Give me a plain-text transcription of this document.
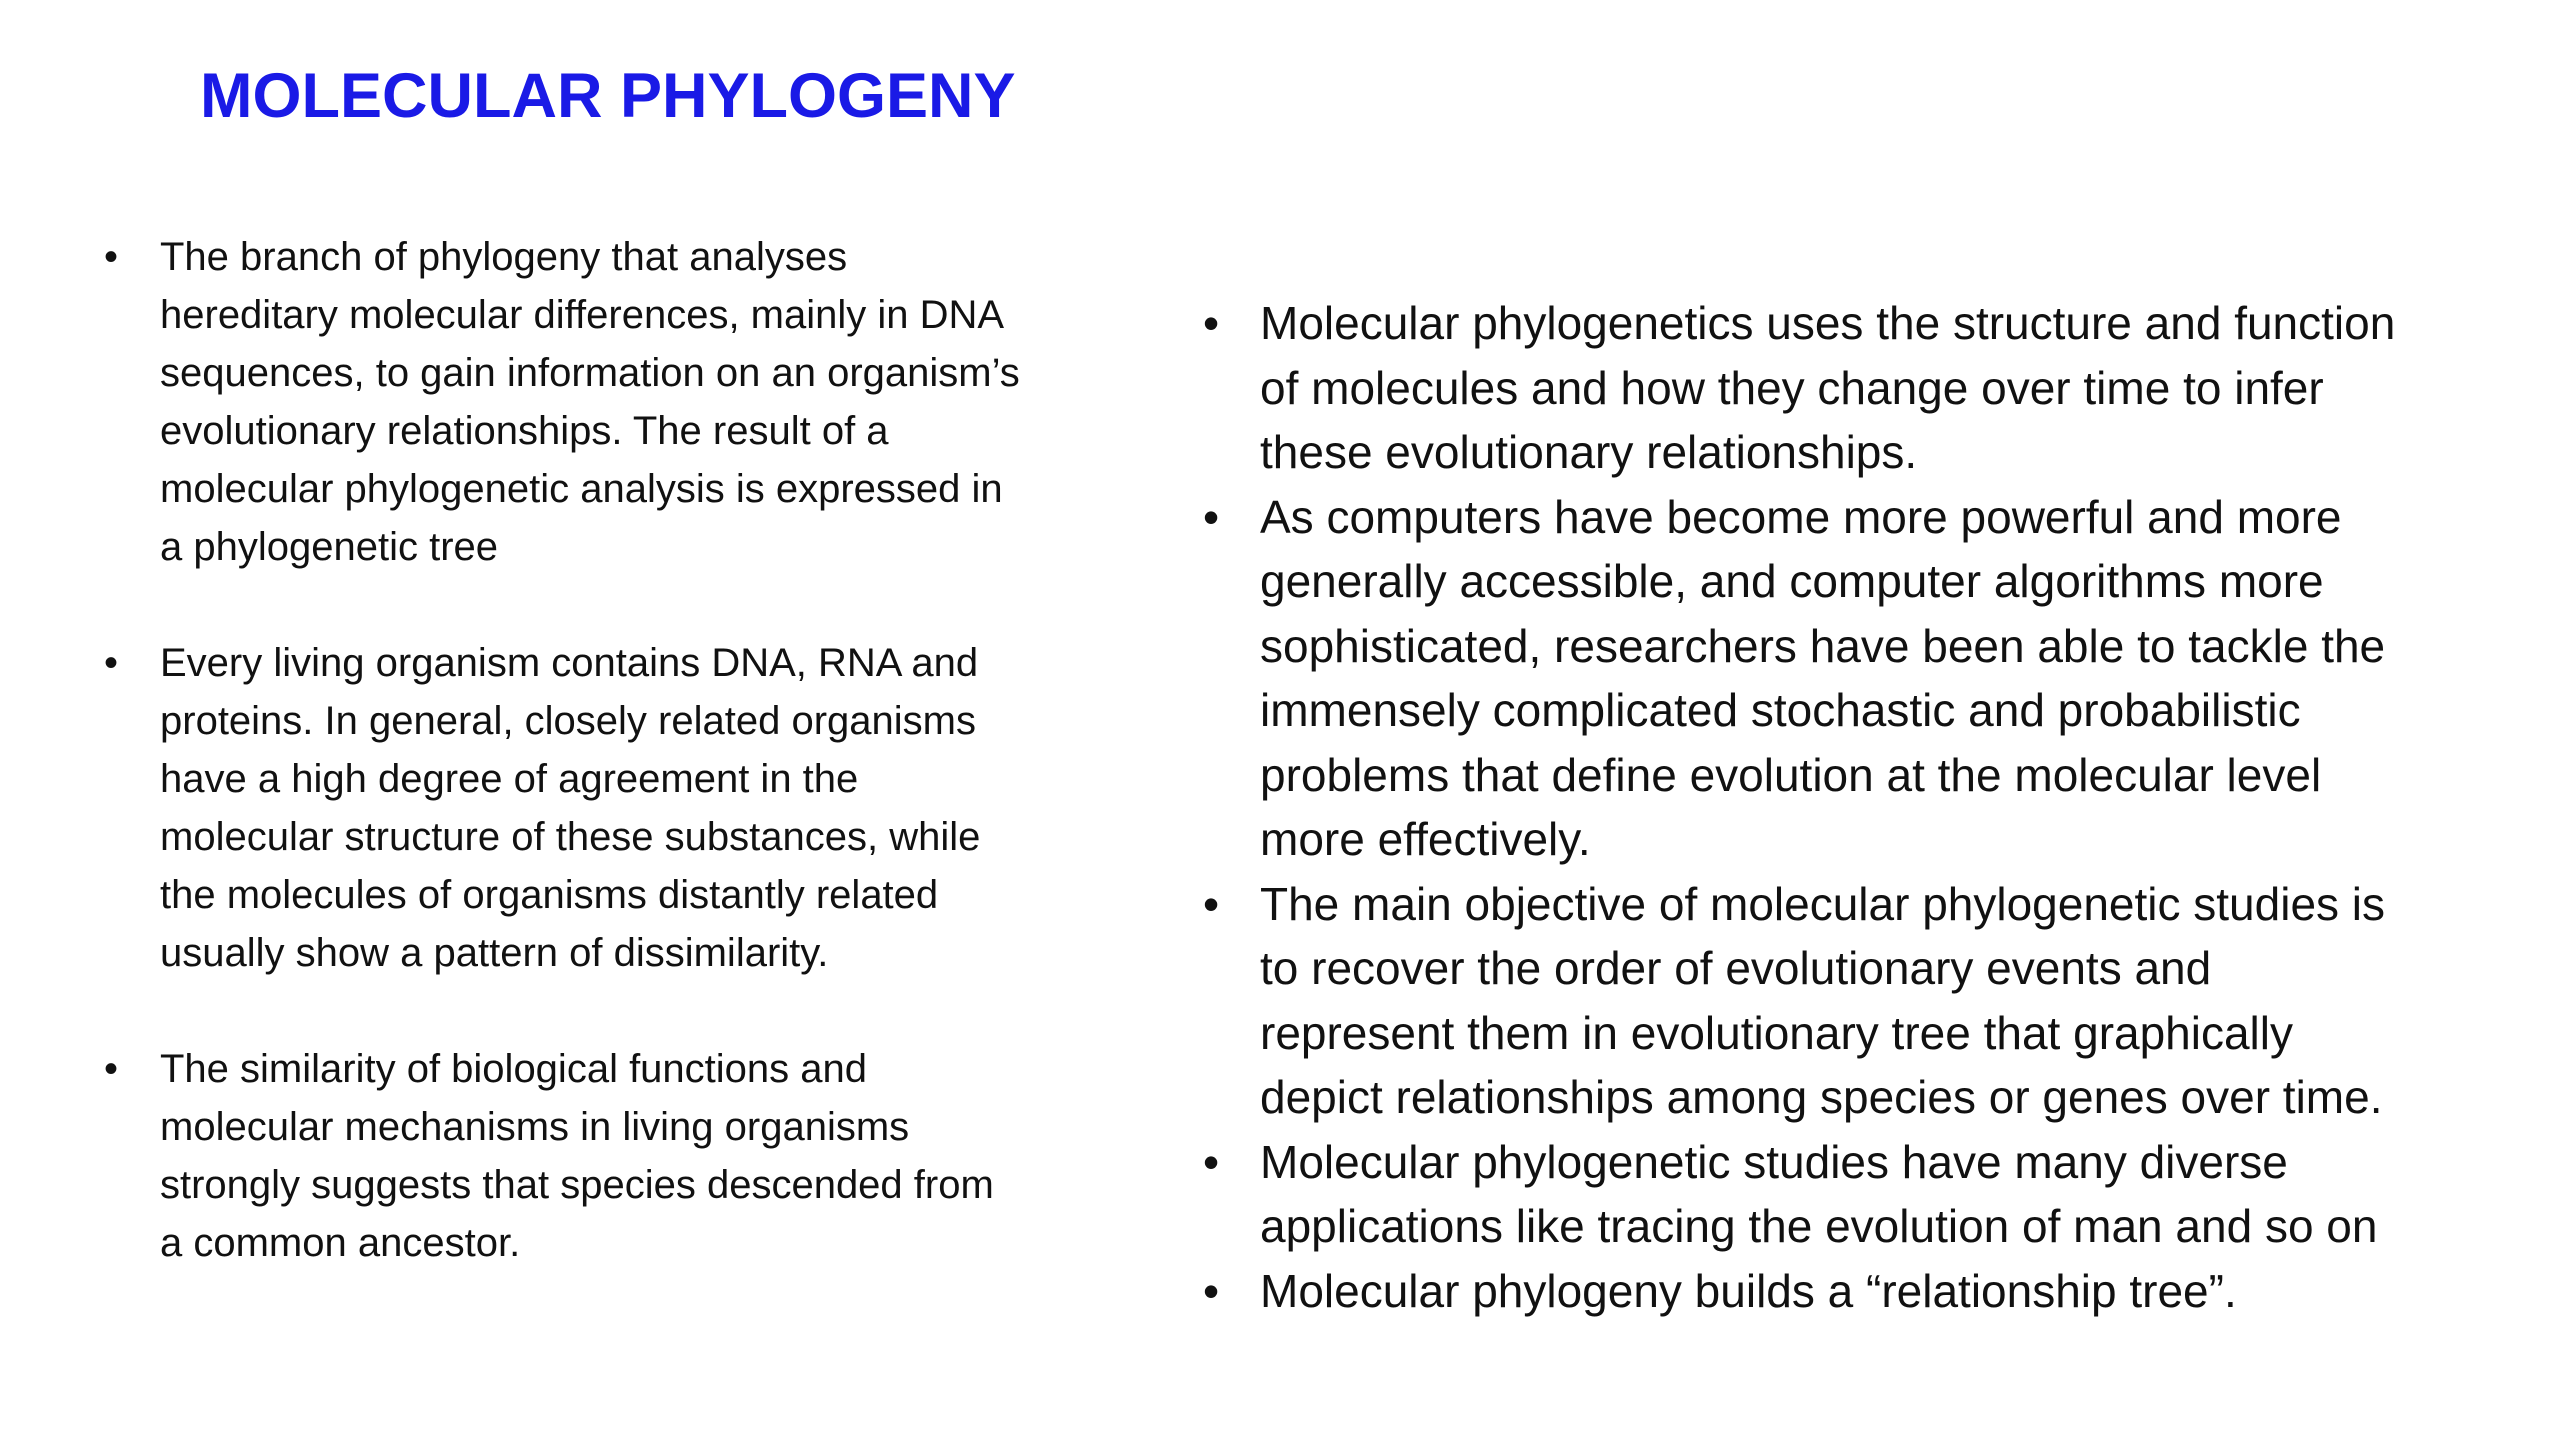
MOLECULAR PHYLOGENY
• The branch of phylogeny that analyses hereditary molecular differences, mainly in DNA sequences, to gain information on an organism’s evolutionary relationships. The result of a molecular phylogenetic analysis is expressed in a phylogenetic tree
• Every living organism contains DNA, RNA and proteins. In general, closely related organisms have a high degree of agreement in the molecular structure of these substances, while the molecules of organisms distantly related usually show a pattern of dissimilarity.
• The similarity of biological functions and molecular mechanisms in living organisms strongly suggests that species descended from a common ancestor.
• Molecular phylogenetics uses the structure and function of molecules and how they change over time to infer these evolutionary relationships.
• As computers have become more powerful and more generally accessible, and computer algorithms more sophisticated, researchers have been able to tackle the immensely complicated stochastic and probabilistic problems that define evolution at the molecular level more effectively.
• The main objective of molecular phylogenetic studies is to recover the order of evolutionary events and represent them in evolutionary tree that graphically depict relationships among species or genes over time.
• Molecular phylogenetic studies have many diverse applications like tracing the evolution of man and so on
• Molecular phylogeny builds a “relationship tree”.
